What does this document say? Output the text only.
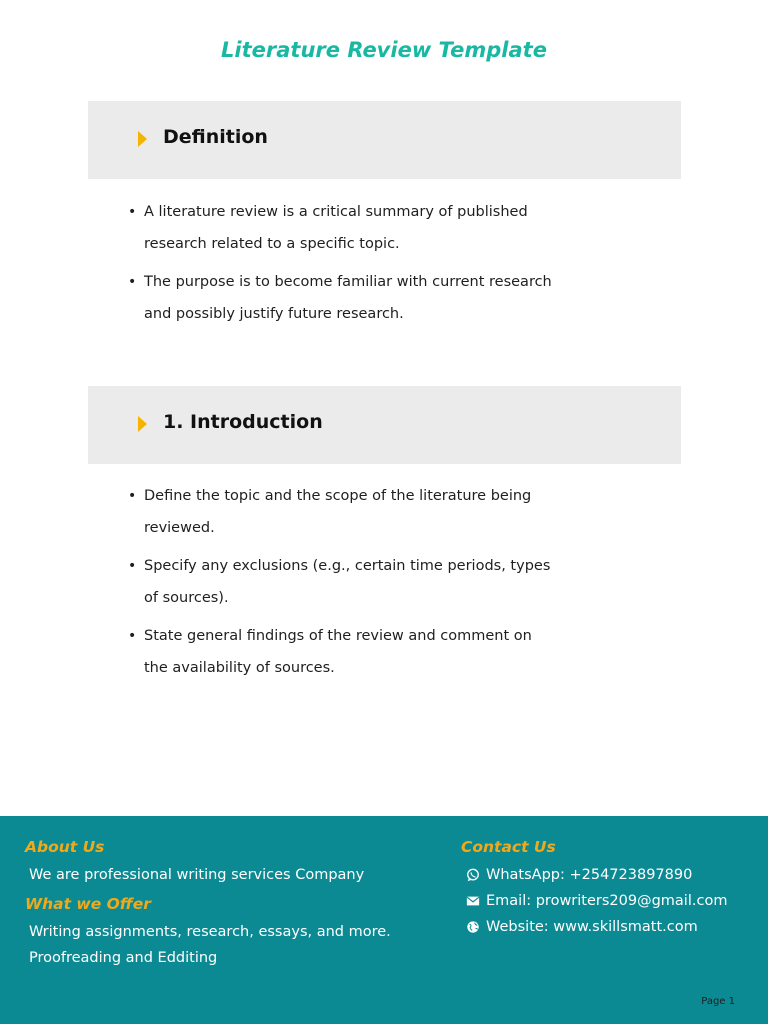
Literature Review Template
Definition
• A literature review is a critical summary of published research related to a specific topic.
• The purpose is to become familiar with current research and possibly justify future research.
1. Introduction
• Define the topic and the scope of the literature being reviewed.
• Specify any exclusions (e.g., certain time periods, types of sources).
• State general findings of the review and comment on the availability of sources.
About Us
We are professional writing services Company
What we Offer
Writing assignments, research, essays, and more.
Proofreading and Edditing
Contact Us
WhatsApp: +254723897890
Email: prowriters209@gmail.com
Website: www.skillsmatt.com
Page 1
